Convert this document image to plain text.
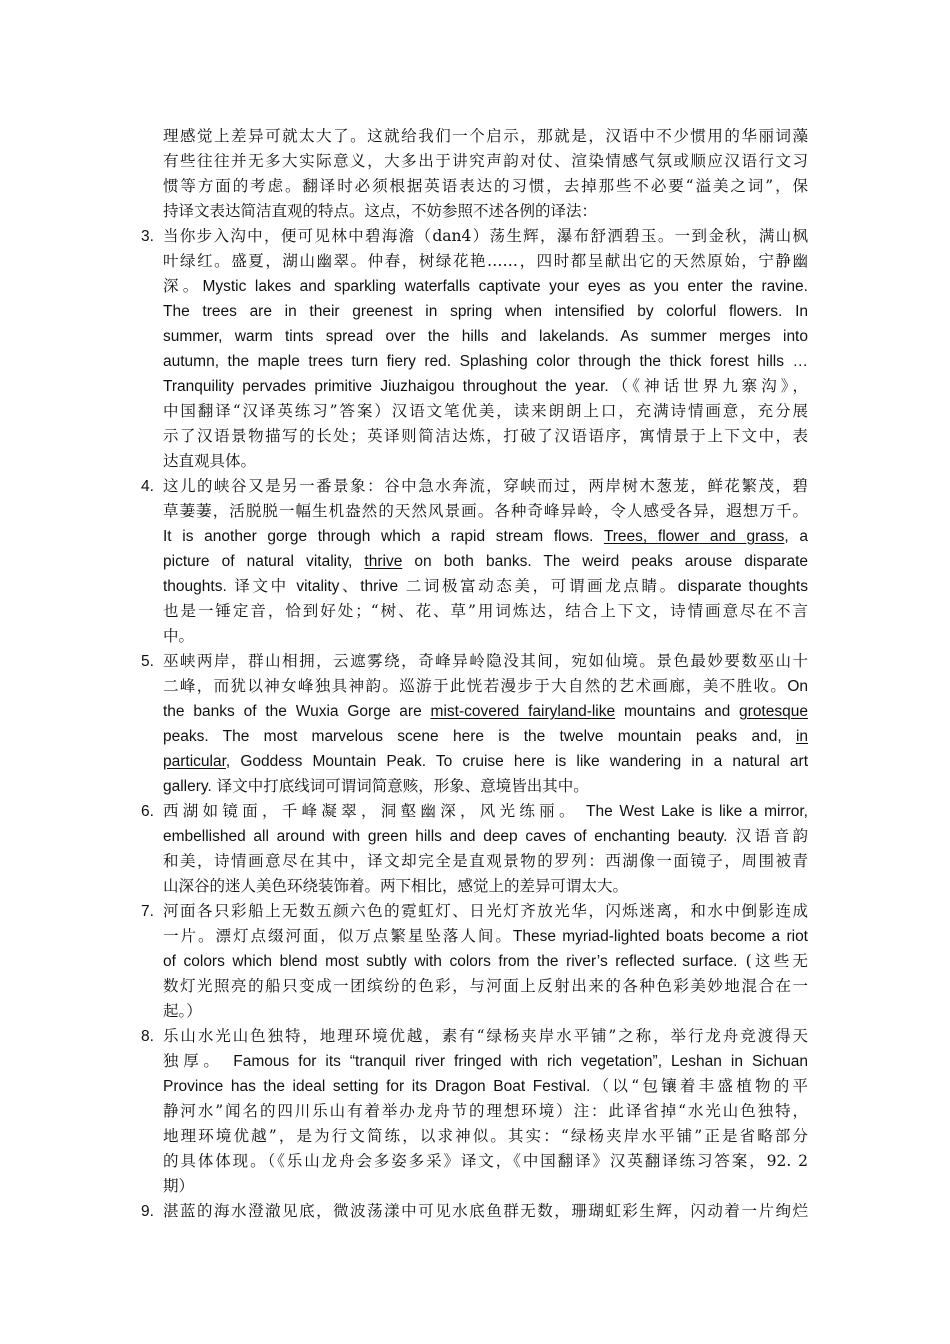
理感觉上差异可就太大了。这就给我们一个启示，那就是，汉语中不少惯用的华丽词藻
有些往往并无多大实际意义，大多出于讲究声韵对仗、渲染情感气氛或顺应汉语行文习
惯等方面的考虑。翻译时必须根据英语表达的习惯，去掉那些不必要“溢美之词”，保
持译文表达简洁直观的特点。这点，不妨参照不述各例的译法：
3. 当你步入沟中，便可见林中碧海澹（dan4）荡生辉，瀑布舒洒碧玉。一到金秋，满山枫
叶绿红。盛夏，湖山幽翠。仲春，树绿花艳……，四时都呈献出它的天然原始，宁静幽
深。Mystic lakes and sparkling waterfalls captivate your eyes as you enter the ravine.
The trees are in their greenest in spring when intensified by colorful flowers. In
summer, warm tints spread over the hills and lakelands. As summer merges into
autumn, the maple trees turn fiery red. Splashing color through the thick forest hills …
Tranquility pervades primitive Jiuzhaigou throughout the year.（《神话世界九寨沟》，
中国翻译“汉译英练习”答案）汉语文笔优美，读来朗朗上口，充满诗情画意，充分展
示了汉语景物描写的长处；英译则简洁达炼，打破了汉语语序，寓情景于上下文中，表
达直观具体。
4. 这儿的峡谷又是另一番景象：谷中急水奔流，穿峡而过，两岸树木葱茏，鲜花繁茂，碧
草萋萋，活脱脱一幅生机盎然的天然风景画。各种奇峰异岭，令人感受各异，遐想万千。
It is another gorge through which a rapid stream flows. Trees, flower and grass, a
picture of natural vitality, thrive on both banks. The weird peaks arouse disparate
thoughts. 译文中 vitality、thrive 二词极富动态美，可谓画龙点睛。disparate thoughts
也是一锤定音，恰到好处；“树、花、草”用词炼达，结合上下文，诗情画意尽在不言
中。
5. 巫峡两岸，群山相拥，云遮雾绕，奇峰异岭隐没其间，宛如仙境。景色最妙要数巫山十
二峰，而犹以神女峰独具神韵。巡游于此恍若漫步于大自然的艺术画廊，美不胜收。On
the banks of the Wuxia Gorge are mist-covered fairyland-like mountains and grotesque
peaks. The most marvelous scene here is the twelve mountain peaks and, in
particular, Goddess Mountain Peak. To cruise here is like wandering in a natural art
gallery. 译文中打底线词可谓词简意赅，形象、意境皆出其中。
6. 西湖如镜面，千峰凝翠，洞壑幽深，风光练丽。 The West Lake is like a mirror,
embellished all around with green hills and deep caves of enchanting beauty. 汉语音韵
和美，诗情画意尽在其中，译文却完全是直观景物的罗列：西湖像一面镜子，周围被青
山深谷的迷人美色环绕装饰着。两下相比，感觉上的差异可谓太大。
7. 河面各只彩船上无数五颜六色的霓虹灯、日光灯齐放光华，闪烁迷离，和水中倒影连成
一片。漂灯点缀河面，似万点繁星坠落人间。These myriad-lighted boats become a riot
of colors which blend most subtly with colors from the river’s reflected surface. (这些无
数灯光照亮的船只变成一团缤纷的色彩，与河面上反射出来的各种色彩美妙地混合在一
起。）
8. 乐山水光山色独特，地理环境优越，素有“绿杨夹岸水平铺”之称，举行龙舟竞渡得天
独厚。 Famous for its “tranquil river fringed with rich vegetation”, Leshan in Sichuan
Province has the ideal setting for its Dragon Boat Festival.（以“包镶着丰盛植物的平
静河水”闻名的四川乐山有着举办龙舟节的理想环境）注：此译省掉“水光山色独特，
地理环境优越”，是为行文简练，以求神似。其实：“绿杨夹岸水平铺”正是省略部分
的具体体现。（《乐山龙舟会多姿多采》译文，《中国翻译》汉英翻译练习答案，92. 2
期）
9. 湛蓝的海水澄澈见底，微波荡漾中可见水底鱼群无数，珊瑚虹彩生辉，闪动着一片绚烂
